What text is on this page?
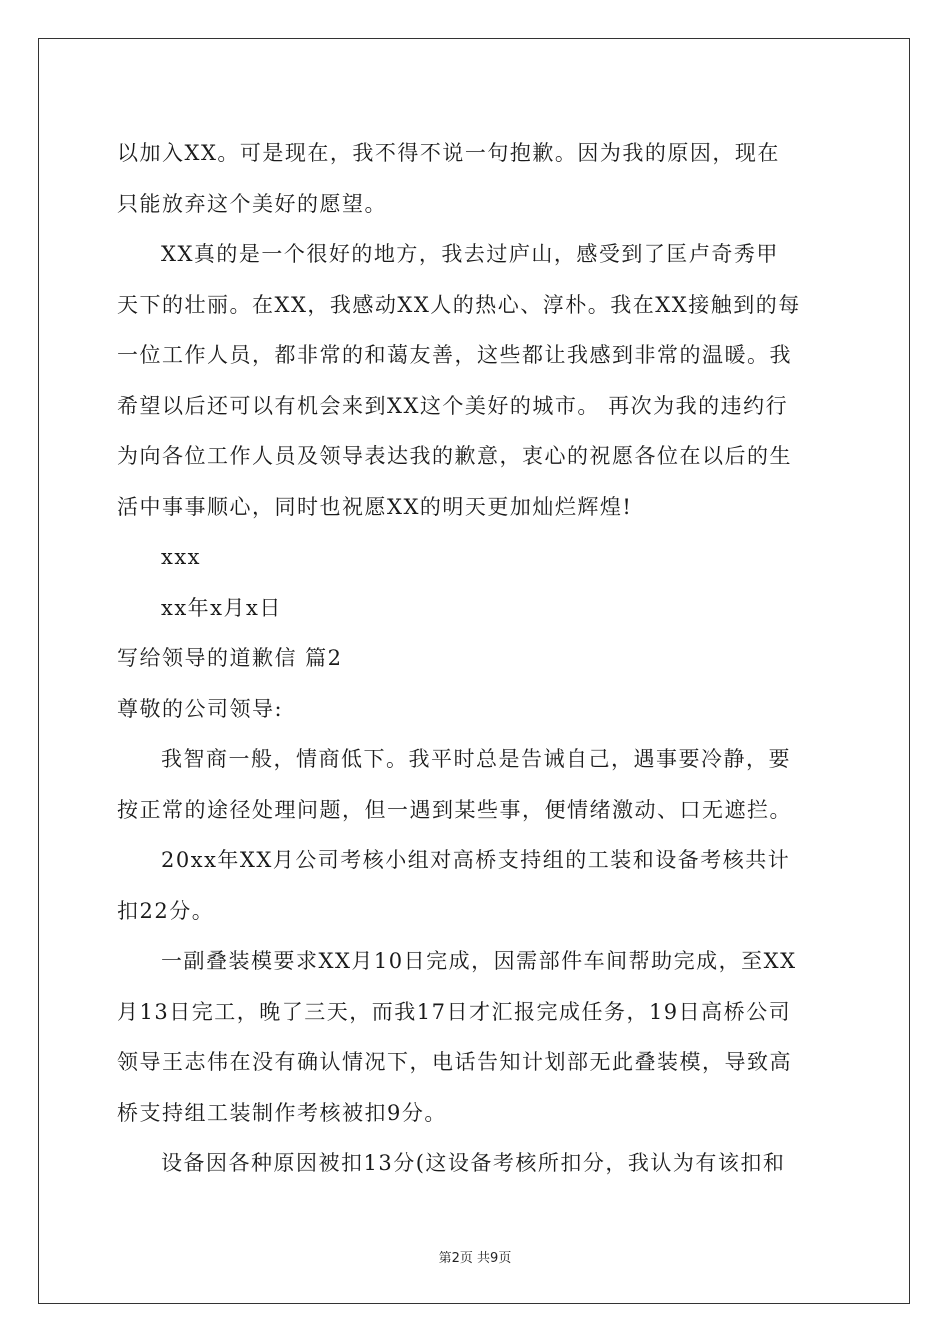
以加入XX。可是现在，我不得不说一句抱歉。因为我的原因，现在
只能放弃这个美好的愿望。
XX真的是一个很好的地方，我去过庐山，感受到了匡卢奇秀甲
天下的壮丽。在XX，我感动XX人的热心、淳朴。我在XX接触到的每
一位工作人员，都非常的和蔼友善，这些都让我感到非常的温暖。我
希望以后还可以有机会来到XX这个美好的城市。 再次为我的违约行
为向各位工作人员及领导表达我的歉意，衷心的祝愿各位在以后的生
活中事事顺心，同时也祝愿XX的明天更加灿烂辉煌!
xxx
xx年x月x日
写给领导的道歉信 篇2
尊敬的公司领导:
我智商一般，情商低下。我平时总是告诫自己，遇事要冷静，要
按正常的途径处理问题，但一遇到某些事，便情绪激动、口无遮拦。
20xx年XX月公司考核小组对高桥支持组的工装和设备考核共计
扣22分。
一副叠装模要求XX月10日完成，因需部件车间帮助完成，至XX
月13日完工，晚了三天，而我17日才汇报完成任务，19日高桥公司
领导王志伟在没有确认情况下，电话告知计划部无此叠装模，导致高
桥支持组工装制作考核被扣9分。
设备因各种原因被扣13分(这设备考核所扣分，我认为有该扣和
第2页 共9页
